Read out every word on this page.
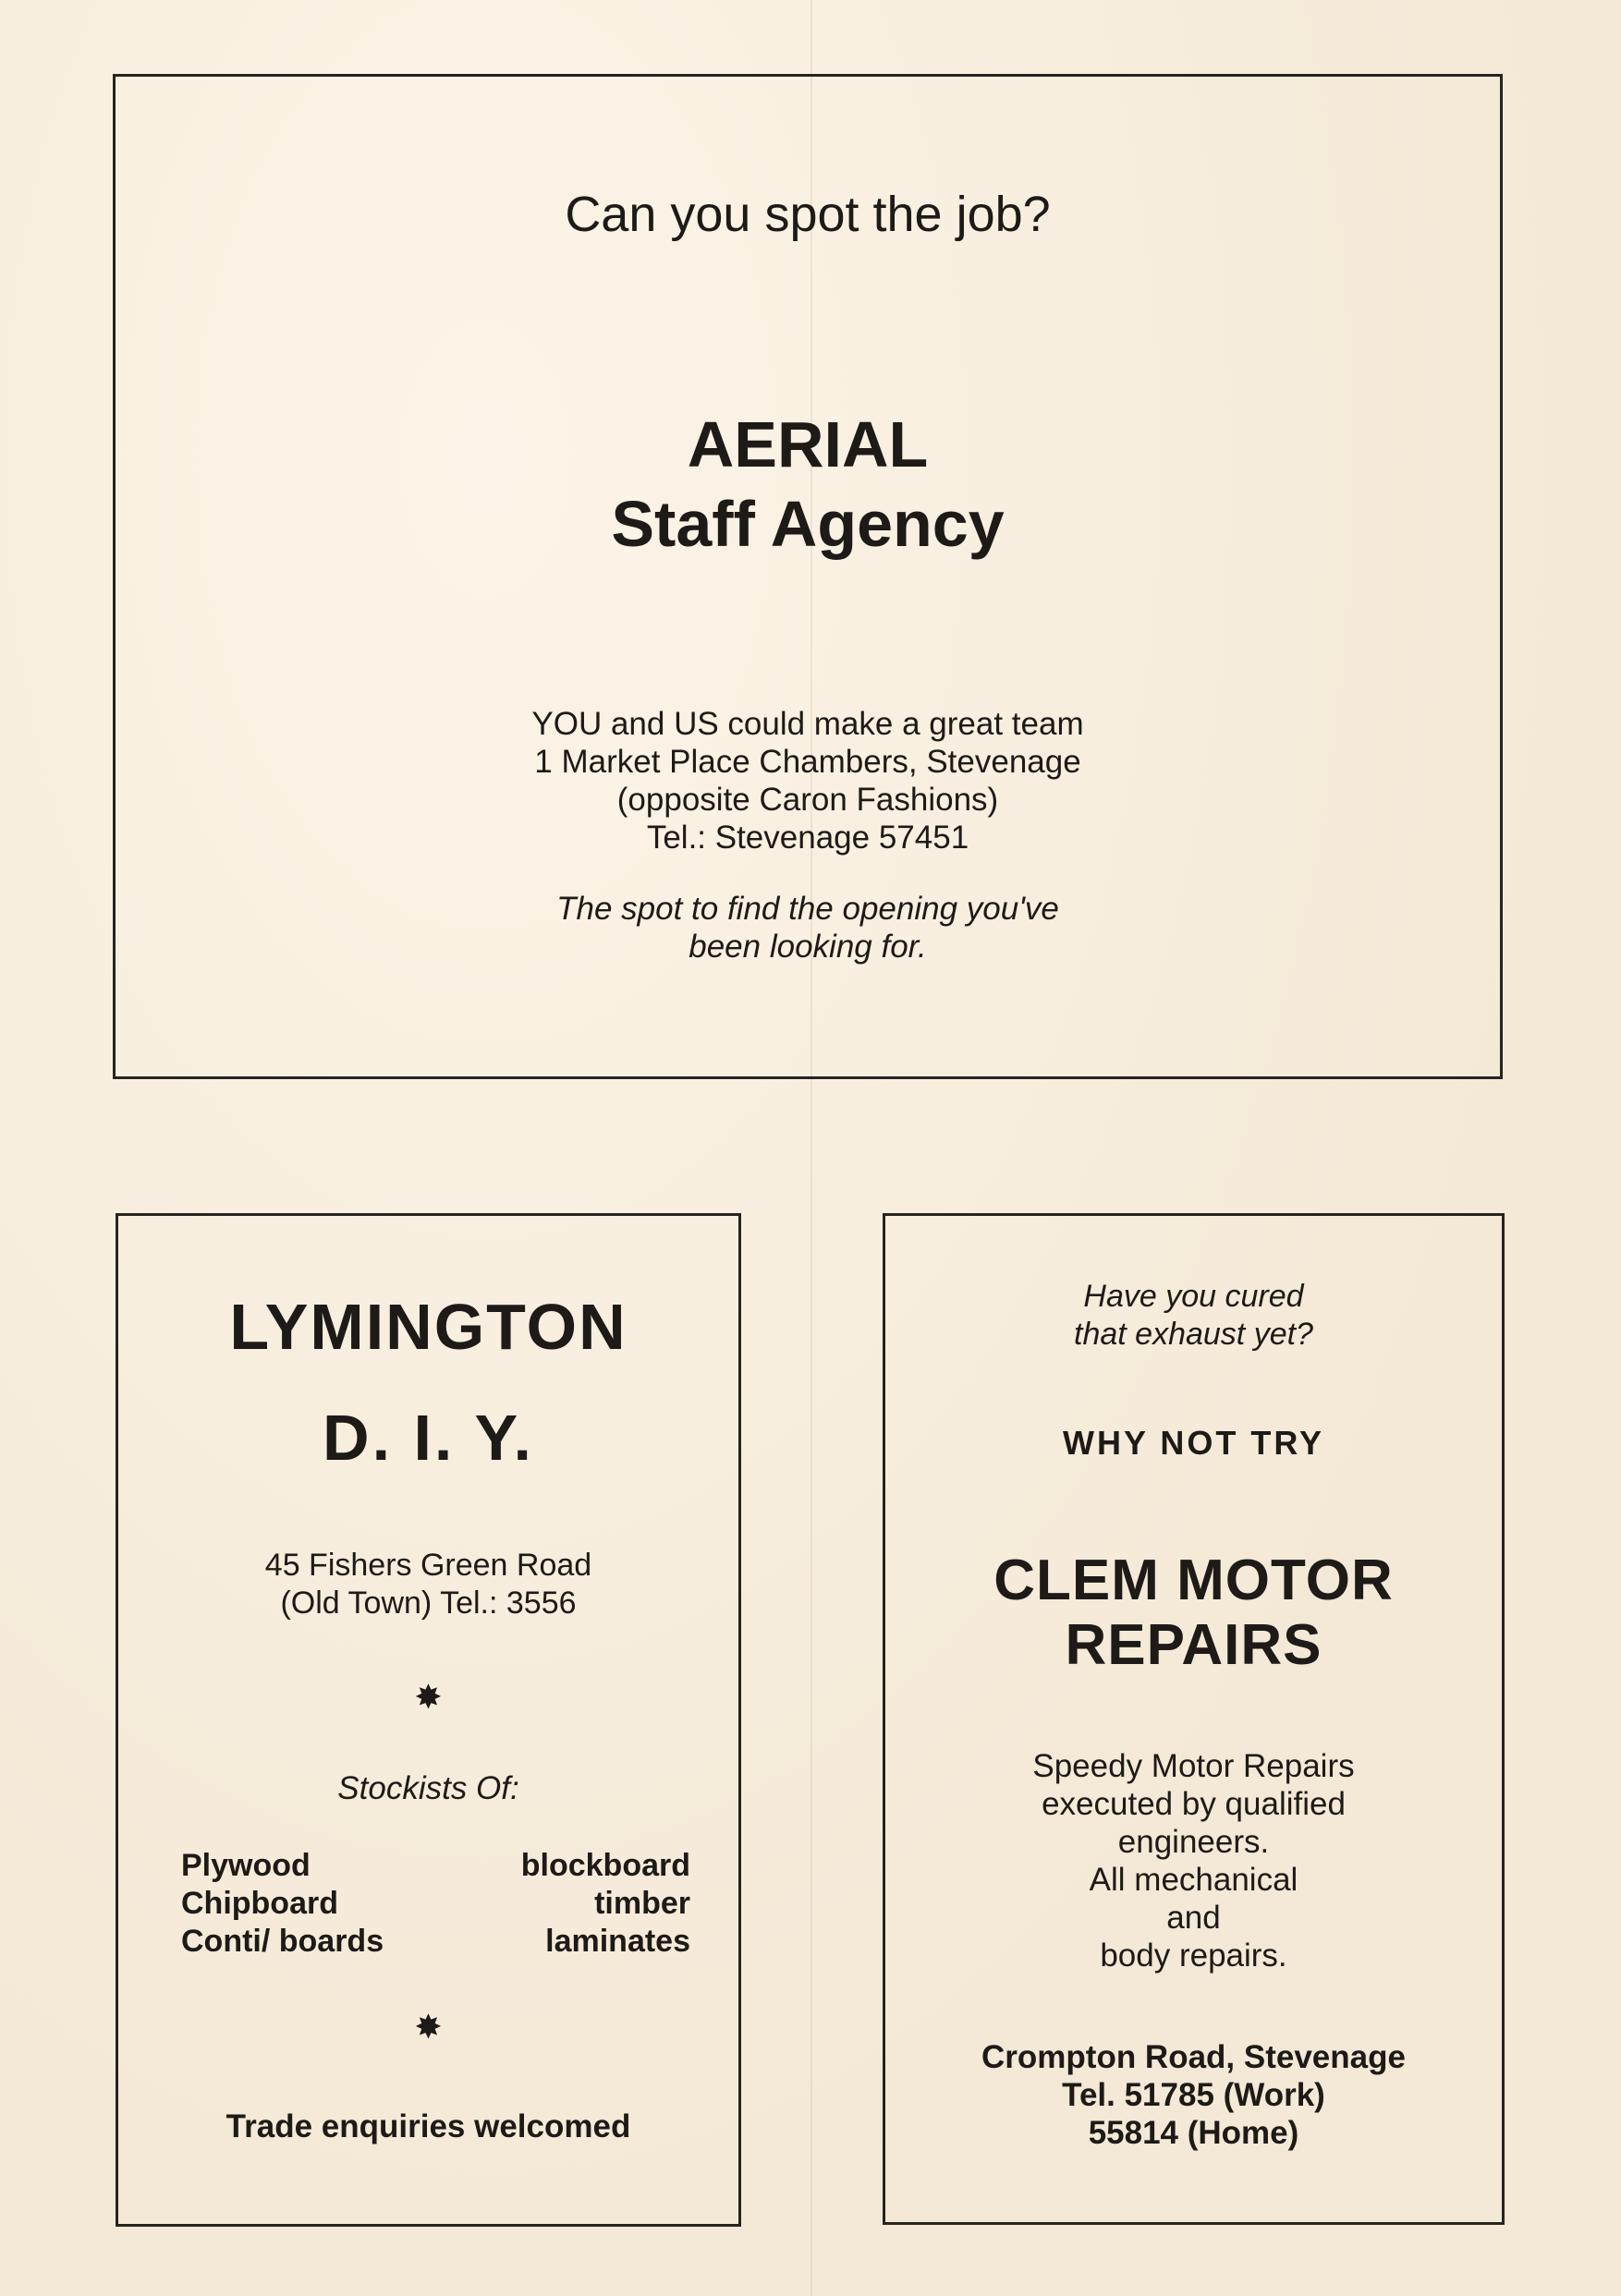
Can you spot the job?

AERIAL
Staff Agency
YOU and US could make a great team
1 Market Place Chambers, Stevenage
(opposite Caron Fashions)
Tel.: Stevenage 57451
The spot to find the opening you've
been looking for.

LYMINGTON

D. I. Y.

45 Fishers Green Road
(Old Town) Tel.: 3556

✸

Stockists Of:

Plywood
Chipboard
Conti/ boards
blockboard
timber
laminates

✸

Trade enquiries welcomed

Have you cured
that exhaust yet?

WHY NOT TRY

CLEM MOTOR
REPAIRS
Speedy Motor Repairs
executed by qualified
engineers.
All mechanical
and
body repairs.
Crompton Road, Stevenage
Tel. 51785 (Work)
55814 (Home)
